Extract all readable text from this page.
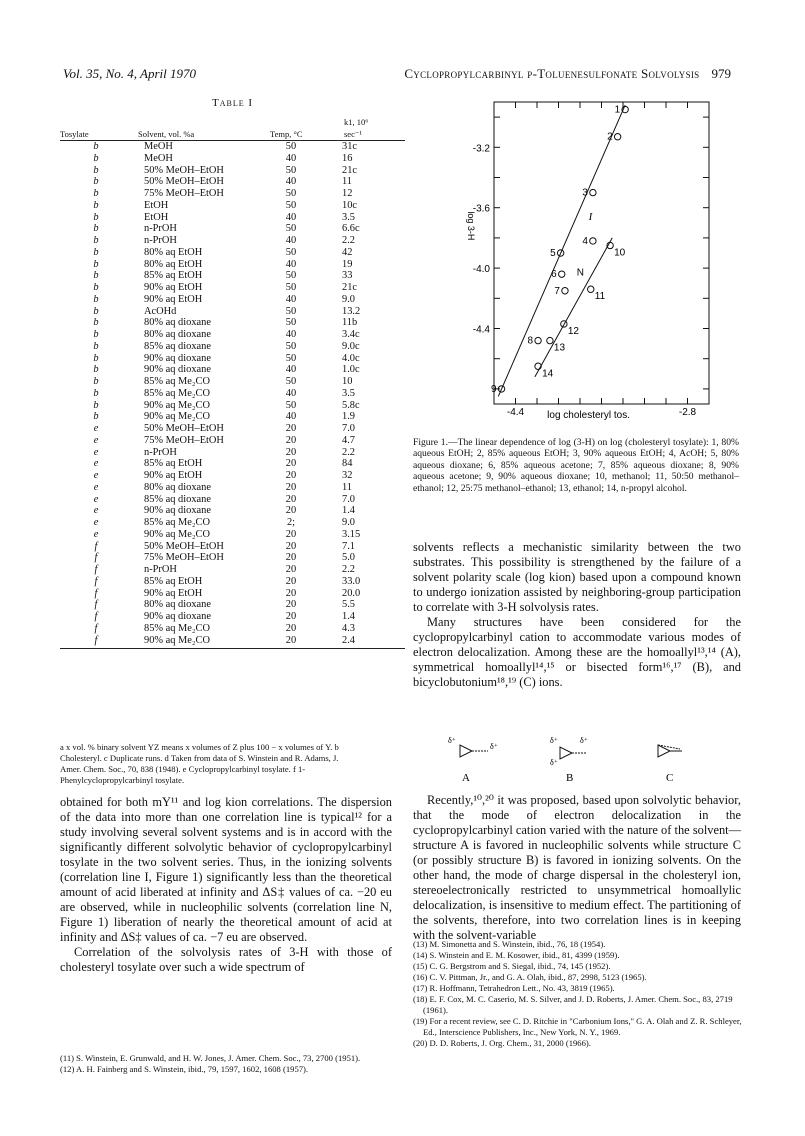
Vol. 35, No. 4, April 1970	Cyclopropylcarbinyl p-Toluenesulfonate Solvolysis 979
Table I
Tosylate	Solvent, vol. %a	Temp, °C
k1, 10⁶
sec⁻¹
b	MeOH	50	31c
b	MeOH	40	16
b	50% MeOH–EtOH	50	21c
b	50% MeOH–EtOH	40	11
b	75% MeOH–EtOH	50	12
b	EtOH	50	10c
b	EtOH	40	3.5
b	n-PrOH	50	6.6c
b	n-PrOH	40	2.2
b	80% aq EtOH	50	42
b	80% aq EtOH	40	19
b	85% aq EtOH	50	33
b	90% aq EtOH	50	21c
b	90% aq EtOH	40	9.0
b	AcOHd	50	13.2
b	80% aq dioxane	50	11b
b	80% aq dioxane	40	3.4c
b	85% aq dioxane	50	9.0c
b	90% aq dioxane	50	4.0c
b	90% aq dioxane	40	1.0c
b	85% aq Me₂CO	50	10
b	85% aq Me₂CO	40	3.5
b	90% aq Me₂CO	50	5.8c
b	90% aq Me₂CO	40	1.9
e	50% MeOH–EtOH	20	7.0
e	75% MeOH–EtOH	20	4.7
e	n-PrOH	20	2.2
e	85% aq EtOH	20	84
e	90% aq EtOH	20	32
e	80% aq dioxane	20	11
e	85% aq dioxane	20	7.0
e	90% aq dioxane	20	1.4
e	85% aq Me₂CO	2;	9.0
e	90% aq Me₂CO	20	3.15
f	50% MeOH–EtOH	20	7.1
f	75% MeOH–EtOH	20	5.0
f	n-PrOH	20	2.2
f	85% aq EtOH	20	33.0
f	90% aq EtOH	20	20.0
f	80% aq dioxane	20	5.5
f	90% aq dioxane	20	1.4
f	85% aq Me₂CO	20	4.3
f	90% aq Me₂CO	20	2.4
a x vol. % binary solvent YZ means x volumes of Z plus 100 − x volumes of Y. b Cholesteryl. c Duplicate runs. d Taken from data of S. Winstein and R. Adams, J. Amer. Chem. Soc., 70, 838 (1948). e Cyclopropylcarbinyl tosylate. f 1-Phenylcyclopropylcarbinyl tosylate.

obtained for both mY¹¹ and log kion correlations. The dispersion of the data into more than one correlation line is typical¹² for a study involving several solvent systems and is in accord with the significantly different solvolytic behavior of cyclopropylcarbinyl tosylate in the two solvent series. Thus, in the ionizing solvents (correlation line I, Figure 1) significantly less than the theoretical amount of acid liberated at infinity and ΔS‡ values of ca. −20 eu are observed, while in nucleophilic solvents (correlation line N, Figure 1) liberation of nearly the theoretical amount of acid at infinity and ΔS‡ values of ca. −7 eu are observed.

Correlation of the solvolysis rates of 3-H with those of cholesteryl tosylate over such a wide spectrum of

(11) S. Winstein, E. Grunwald, and H. W. Jones, J. Amer. Chem. Soc., 73, 2700 (1951).
(12) A. H. Fainberg and S. Winstein, ibid., 79, 1597, 1602, 1608 (1957).
-3.2
-3.6
-4.0
-4.4
-4.4	-2.8
log cholesteryl tos.
log 3-H	I
N
1
2
3
4
5
6
7
8
9
10
11
12
13
14
Figure 1.—The linear dependence of log (3-H) on log (cholesteryl tosylate): 1, 80% aqueous EtOH; 2, 85% aqueous EtOH; 3, 90% aqueous EtOH; 4, AcOH; 5, 80% aqueous dioxane; 6, 85% aqueous acetone; 7, 85% aqueous dioxane; 8, 90% aqueous acetone; 9, 90% aqueous dioxane; 10, methanol; 11, 50:50 methanol–ethanol; 12, 25:75 methanol–ethanol; 13, ethanol; 14, n-propyl alcohol.

solvents reflects a mechanistic similarity between the two substrates. This possibility is strengthened by the failure of a solvent polarity scale (log kion) based upon a compound known to undergo ionization assisted by neighboring-group participation to correlate with 3-H solvolysis rates.

Many structures have been considered for the cyclopropylcarbinyl cation to accommodate various modes of electron delocalization. Among these are the homoallyl¹³,¹⁴ (A), symmetrical homoallyl¹⁴,¹⁵ or bisected form¹⁶,¹⁷ (B), and bicyclobutonium¹⁸,¹⁹ (C) ions.

δ⁺
δ⁺
A
δ⁺	δ⁺
δ⁺
B	C
Recently,¹⁰,²⁰ it was proposed, based upon solvolytic behavior, that the mode of electron delocalization in the cyclopropylcarbinyl cation varied with the nature of the solvent—structure A is favored in nucleophilic solvents while structure C (or possibly structure B) is favored in ionizing solvents. On the other hand, the mode of charge dispersal in the cholesteryl ion, stereoelectronically restricted to unsymmetrical homoallylic delocalization, is insensitive to medium effect. The partitioning of the solvents, therefore, into two correlation lines is in keeping with the solvent-variable
(13) M. Simonetta and S. Winstein, ibid., 76, 18 (1954).
(14) S. Winstein and E. M. Kosower, ibid., 81, 4399 (1959).
(15) C. G. Bergstrom and S. Siegal, ibid., 74, 145 (1952).
(16) C. V. Pittman, Jr., and G. A. Olah, ibid., 87, 2998, 5123 (1965).
(17) R. Hoffmann, Tetrahedron Lett., No. 43, 3819 (1965).
(18) E. F. Cox, M. C. Caserio, M. S. Silver, and J. D. Roberts, J. Amer. Chem. Soc., 83, 2719 (1961).
(19) For a recent review, see C. D. Ritchie in "Carbonium Ions," G. A. Olah and Z. R. Schleyer, Ed., Interscience Publishers, Inc., New York, N. Y., 1969.
(20) D. D. Roberts, J. Org. Chem., 31, 2000 (1966).
